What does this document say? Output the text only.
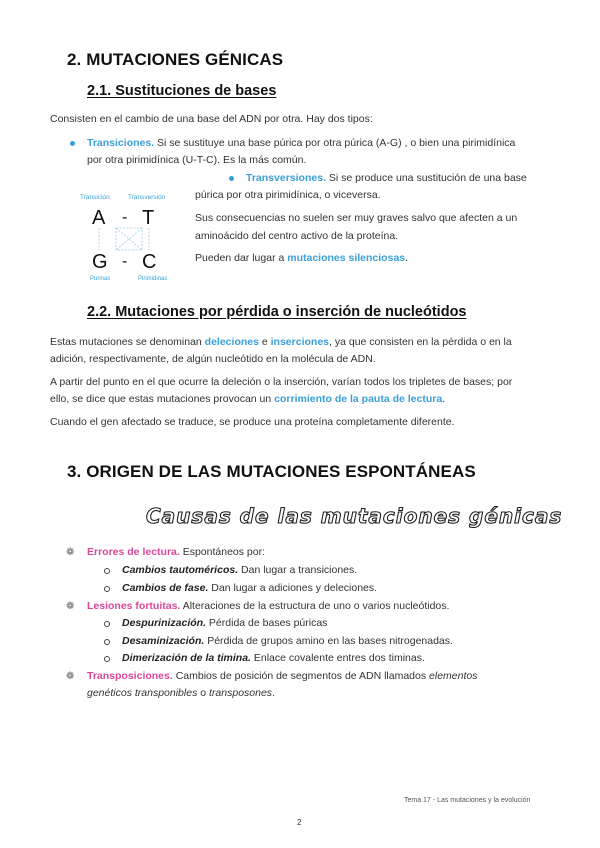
2. MUTACIONES GÉNICAS
2.1. Sustituciones de bases
Consisten en el cambio de una base del ADN por otra. Hay dos tipos:
Transiciones. Si se sustituye una base púrica por otra púrica (A-G) , o bien una pirimidínica
por otra pirimidínica (U-T-C). Es la más común.
Transversiones. Si se produce una sustitución de una base
púrica por otra pirimidínica, o viceversa.
Sus consecuencias no suelen ser muy graves salvo que afecten a un
aminoácido del centro activo de la proteína.
Pueden dar lugar a mutaciones silenciosas.
Transición	Transversión
A - T
G - C
Purinas	Pirimidinas
2.2. Mutaciones por pérdida o inserción de nucleótidos
Estas mutaciones se denominan deleciones e inserciones, ya que consisten en la pérdida o en la
adición, respectivamente, de algún nucleótido en la molécula de ADN.
A partir del punto en el que ocurre la deleción o la inserción, varían todos los tripletes de bases; por
ello, se dice que estas mutaciones provocan un corrimiento de la pauta de lectura.
Cuando el gen afectado se traduce, se produce una proteína completamente diferente.
3. ORIGEN DE LAS MUTACIONES ESPONTÁNEAS
Causas de las mutaciones génicas
❁ Errores de lectura. Espontáneos por:
Cambios tautoméricos. Dan lugar a transiciones.
Cambios de fase. Dan lugar a adiciones y deleciones.
❁ Lesiones fortuitas. Alteraciones de la estructura de uno o varios nucleótidos.
Despurinización. Pérdida de bases púricas
Desaminización. Pérdida de grupos amino en las bases nitrogenadas.
Dimerización de la timina. Enlace covalente entres dos timinas.
❁ Transposiciones. Cambios de posición de segmentos de ADN llamados elementos
genéticos transponibles o transposones.
Tema 17 - Las mutaciones y la evolución
2
